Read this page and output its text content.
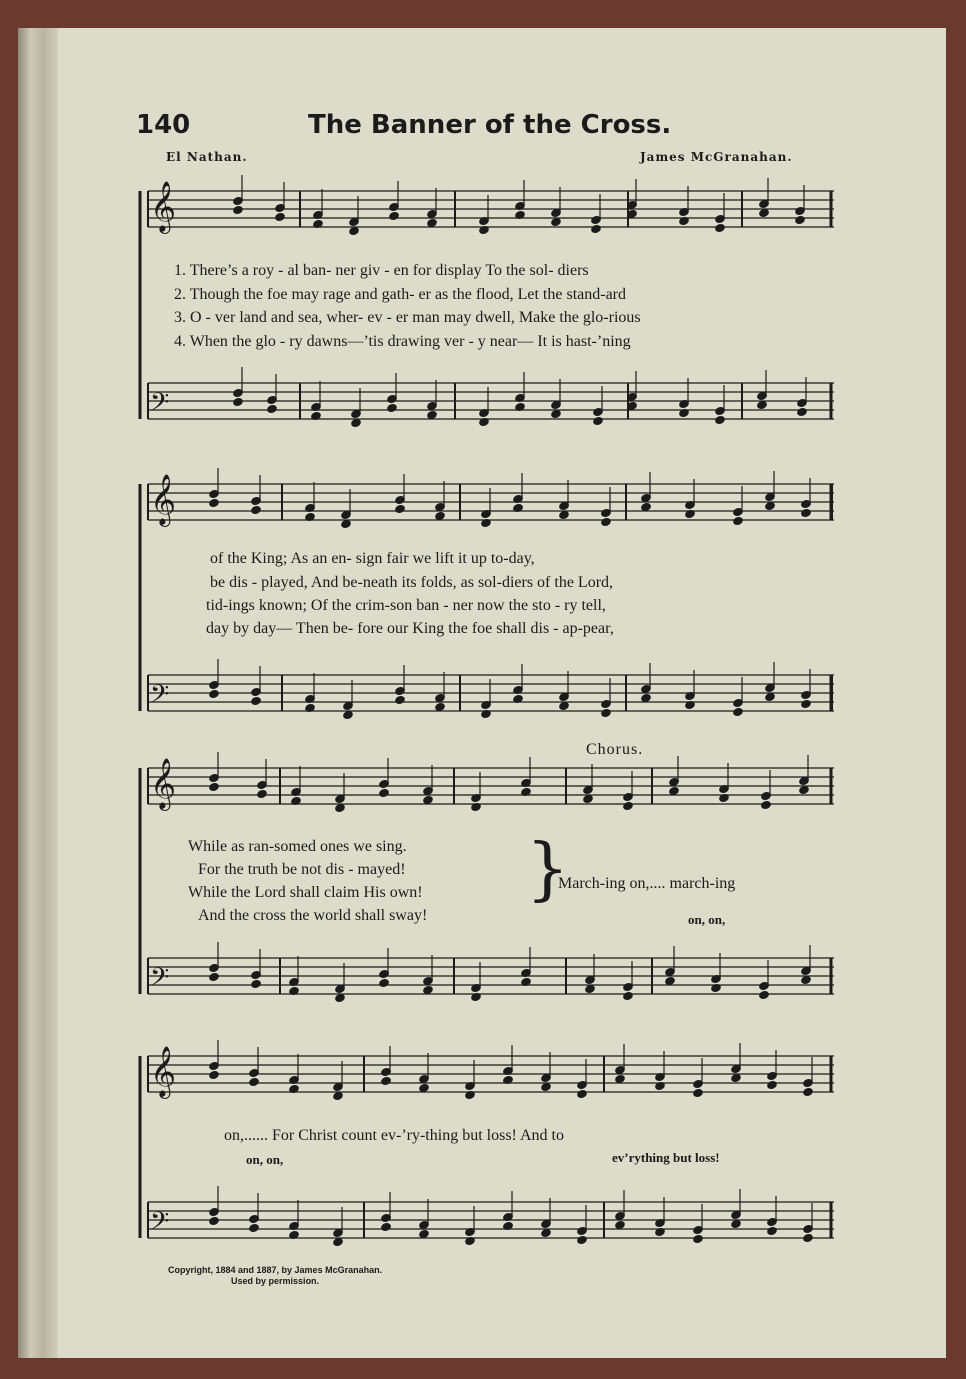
𝄞
𝄢
𝄞
𝄢
𝄞
𝄢
𝄞
𝄢
140	The Banner of the Cross.
El Nathan.	James McGranahan.
1. There’s a roy - al ban- ner giv - en for display To the sol- diers
2. Though the foe may rage and gath- er as the flood, Let the stand-ard
3. O - ver land and sea, wher- ev - er man may dwell, Make the glo-rious
4. When the glo - ry dawns—’tis drawing ver - y near— It is hast-’ning
of the King; As an en- sign fair we lift it up to-day,
be dis - played, And be-neath its folds, as sol-diers of the Lord,
tid-ings known; Of the crim-son ban - ner now the sto - ry tell,
day by day— Then be- fore our King the foe shall dis - ap-pear,
Chorus.
While as ran-somed ones we sing.
For the truth be not dis - mayed!
While the Lord shall claim His own!
And the cross the world shall sway!
}
March-ing on,.... march-ing
on, on,
on,...... For Christ count ev-’ry-thing but loss! And to
on, on,	ev’rything but loss!
Copyright, 1884 and 1887, by James McGranahan.
Used by permission.
